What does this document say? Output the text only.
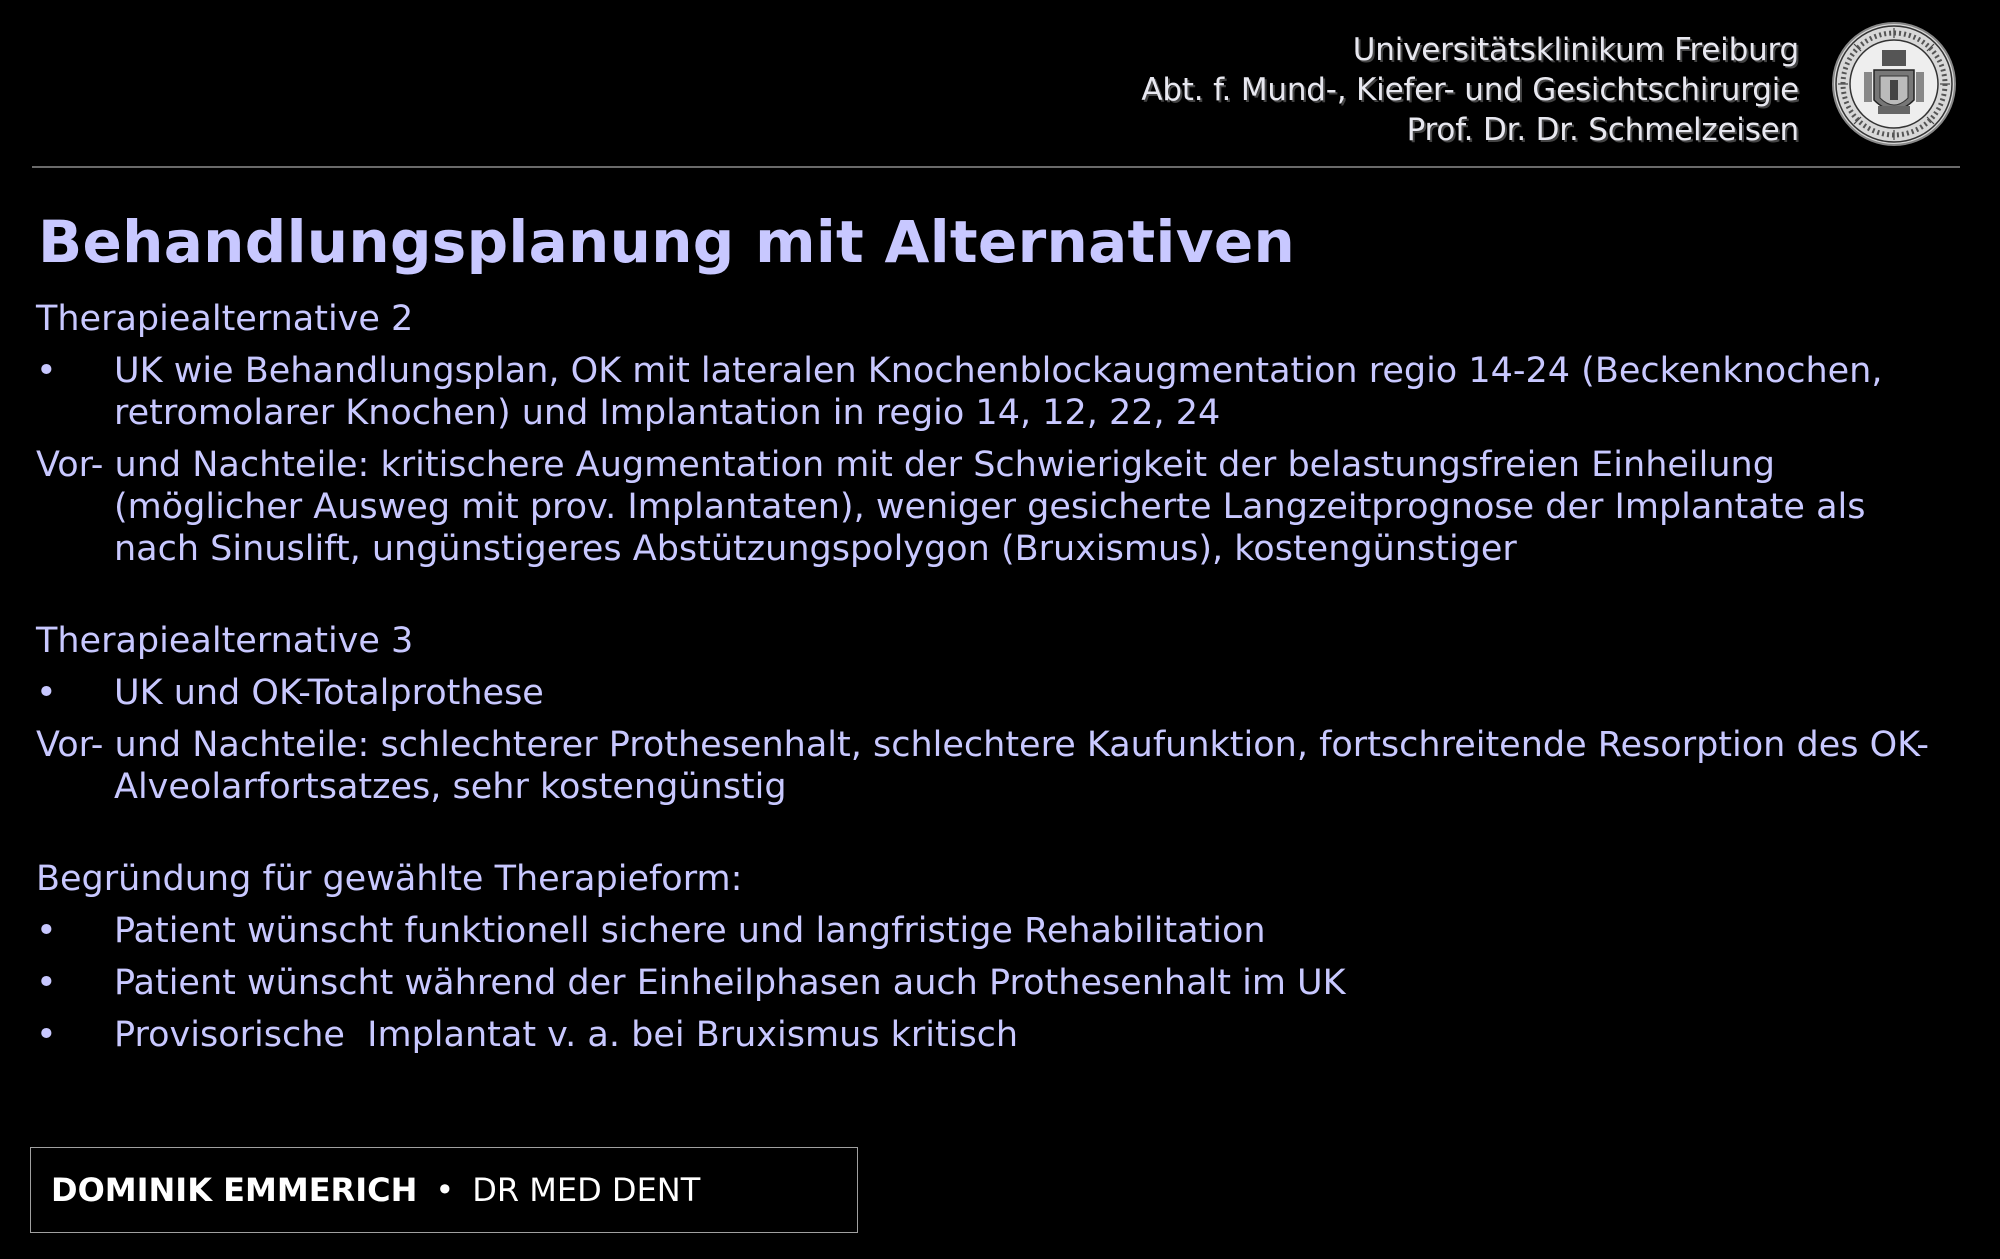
Universitätsklinikum Freiburg
Abt. f. Mund-, Kiefer- und Gesichtschirurgie
Prof. Dr. Dr. Schmelzeisen
Behandlungsplanung mit Alternativen
Therapiealternative 2
• UK wie Behandlungsplan, OK mit lateralen Knochenblockaugmentation regio 14-24 (Beckenknochen, retromolarer Knochen) und Implantation in regio 14, 12, 22, 24
Vor- und Nachteile: kritischere Augmentation mit der Schwierigkeit der belastungsfreien Einheilung (möglicher Ausweg mit prov. Implantaten), weniger gesicherte Langzeitprognose der Implantate als nach Sinuslift, ungünstigeres Abstützungspolygon (Bruxismus), kostengünstiger
Therapiealternative 3
• UK und OK-Totalprothese
Vor- und Nachteile: schlechterer Prothesenhalt, schlechtere Kaufunktion, fortschreitende Resorption des OK-Alveolarfortsatzes, sehr kostengünstig
Begründung für gewählte Therapieform:
• Patient wünscht funktionell sichere und langfristige Rehabilitation
• Patient wünscht während der Einheilphasen auch Prothesenhalt im UK
• Provisorische  Implantat v. a. bei Bruxismus kritisch
DOMINIK EMMERICH • DR MED DENT
